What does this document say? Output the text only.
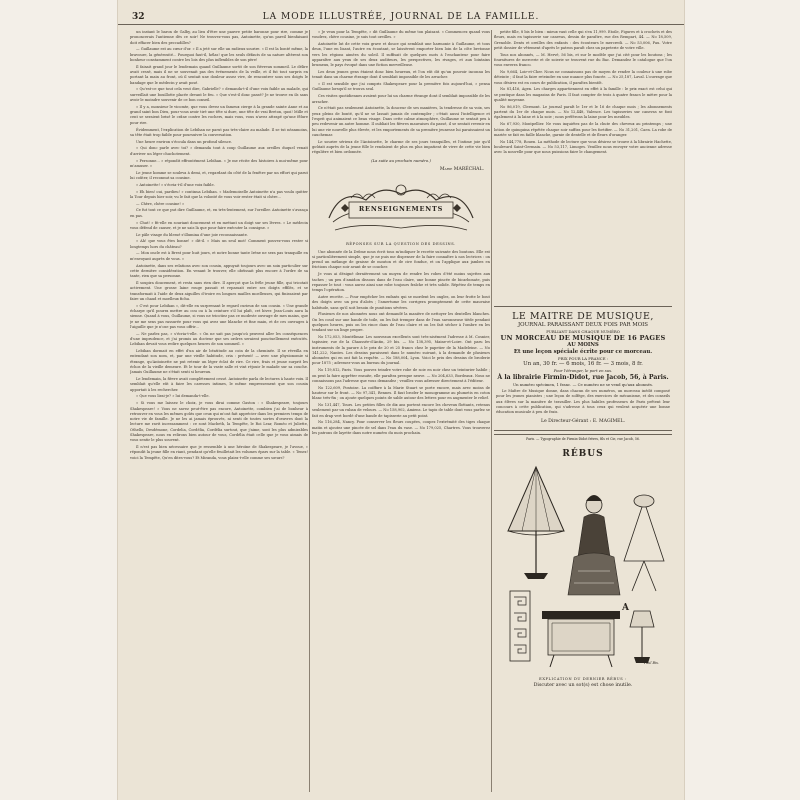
32	LA MODE ILLUSTRÉE, JOURNAL DE LA FAMILLE.

un instant le baron de Galby, au lieu d'être une pauvre petite baronne pour rire, comme je prononcerais l'antienne dès ce soir! Ne trouvez-vous pas, Antoinette, qu'un pareil bienfaisant doit effacer bien des peccadilles?

— Guillaume est au cœur d'or. » Il a jeté sur elle un radieux sourire. « Il est la bonté même, la bravoure, la générosité... Pourquoi faut-il, hélas! que les seuls défauts de sa nature altèrent son bonheur constamment contre les lois des plus inflexibles de son père!

Il faisait grand jour le lendemain quand Guillaume sortit de son fiévreux sommeil. Le délire avait cessé, mais il ne se souvenait pas des événements de la veille, et il fut tout surpris en portant la main au front, où il sentait une douleur assez vive, de rencontrer sous ses doigts le bandage que le médecin y avait posé.

« Qu'est-ce que tout cela veut dire, Gabrielle? » demanda-t-il d'une voix faible au malade, qui surveillait une bouillotte placée devant le feu. « Que s'est-il donc passé? Je ne trouve en ils sans avoir le moindre souvenir de ce bon conseil.

« Il y a, monsieur le vicomte, que vous devez un fameux cierge à la grande sainte Anne et au grand saint bon Dieu, pour vous avoir tiré une tête si dure, une tête de vrai Breton, quoi! Mille et cent se seraient brisé le crâne contre les rochers, mais vous, vous n'avez attrapé qu'une fêlure pour rire.

Évidemment, l'explication de Lebihan ne parut pas très-claire au malade. Il se tut néanmoins, sa tête était trop faible pour poursuivre la conversation.

Une heure environ s'écoula dans un profond silence.

« Qui donc parle avec toi? » demanda tout à coup Guillaume aux oreilles duquel venait d'arriver un léger chuchotement.

« Personne... » répondit effrontément Lebihan. « Je me récite des histoires à moi-même pour m'amuser. »

Le jeune homme se souleva à demi, et, regardant du côté de la fenêtre par un effort qui parut lui coûter, il reconnut sa cousine.

« Antoinette! » s'écria-t-il d'une voix faible.

« Eh bien! oui, pardieu! » continua Lebihan. « Mademoiselle Antoinette n'a pas voulu quitter la Tour depuis hier soir, vu le fait que la volonté de vous voir rester était si chère...

— Chère, chère cousine! »

Ce fut tout ce que put dire Guillaume, et, en très-lentement, sur l'oreiller. Antoinette s'avança en pas.

« Chut! » fit-elle en souriant doucement et en mettant un doigt sur ses lèvres. « Le médecin vous défend de causer, et je ne sais là que pour faire exécuter la consigne. »

Le pâle visage du blessé s'illumina d'une joie reconnaissante.

« Ah! que vous êtes bonne! » dit-il. « Mais un seul mot! Comment pouvez-vous rester si longtemps hors du château?

— Mon oncle est à Brest pour huit jours, et notre bonne tante Irène ne sera pas tranquille en m'envoyant auprès de vous. »

Antoinette, dans ses relations avec son cousin, appuyait toujours avec un soin particulier sur cette dernière considération. En venant le trouver, elle obéissait plus encore à l'ordre de sa tante, rien que sa personne.

Il soupira doucement, et resta sans rien dire. Il aperçut que la frêle jeune fille, qui tricotait activement. Une grosse laine rouge passait et repassait entre ses doigts effilés, et se transformait à l'aide de deux aiguilles d'ivoire en longues mailles moelleuses, qui finissaient par faire un chaud et moelleux fichu.

« C'est pour Lebihan », dit-elle en surprenant le regard curieux de son cousin. « Une grande écharpe qu'il pourra mettre au cou ou à la ceinture s'il lui plaît, cet hiver. Jean-Louis aura la sienne. Quand à vous, Guillaume, si vous ne tricotiez pas ce modeste ouvrage de mes mains, que je ne me sens pas rassurée pour vous qui avez une blanche et fine main, et de ces ouvrages à l'aiguille que je n'ose pas vous offrir...

— Ne parlez pas, » s'écria-t-elle. « On ne sait pas jusqu'où peuvent aller les conséquences d'une imprudence, et j'ai promis au docteur que ses ordres seraient ponctuellement exécutés. Lebihan devait vous redire quelques heures de son sommeil. »

Lebihan dormait en effet d'un air de béatitude au coin de la cheminée. Il se réveilla en entendant son nom, et, par une vieille habitude, cria : présent! — avec une physionomie si étrange, qu'Antoinette ne put retenir un léger éclat de rire. Ce rire, frais et jeune surprit les échos de la vieille demeure. Et le tour de la vaste salle et vint réjouir le malade sur sa couche. Jamais Guillaume ne s'était senti si heureux.

Le lendemain, la fièvre avait complètement cessé. Antoinette parla de lectures à haute voix. Il semblait qu'elle eût à faire les caresses intimes, le même empressement que son cousin apportait à les rechercher.

« Que vous lirai-je? » lui demanda-t-elle.

« Si vous me laissez le choix, je vous dirai comme Gaston : « Shakespeare, toujours Shakespeare! » Vous ne savez peut-être pas encore, Antoinette, combien j'ai de bonheur à retrouver en vous les mêmes goûts que ceux qui m'ont fait apprécier dans les premiers temps de notre vie de famille. Je ne les ai jamais éprouvés, ni senti de toutes sortes d'œuvres dont la lecture me ravit incessamment : ce sont Macbeth, la Tempête, le Roi Lear, Roméo et Juliette, Othello, Desdémone, Cordelia, Cordélia, Cordélia surtout, que j'aime, sont les plus admirables Shakespeare, nous en relirons bien autour de vous, Cordélia était celle que je vous aimais de vous sentir le plus souvent.

Il n'est pas bien nécessaire que je ressemble à une héroïne de Shakespeare, je l'avoue, » répondit la jeune fille en riant, pendant qu'elle feuilletait les volumes épars sur la table. « Tenez! voici la Tempête, Qu'en dites-vous? Et Miranda, vous plaira-t-elle comme ses sœurs?

« Je veux pour la Tempête, » dit Guillaume du même ton plaisant. « Commencez quand vous voudrez, chère cousine, je suis tout oreilles. »

Antoinette lut de cette voix grave et douce qui semblait une harmonie à Guillaume, et tous deux, l'une en lisant, l'autre en écoutant, se laissèrent emporter bien loin de la côte bretonne vers les régions aimées du soleil. Il suffisait de quelques mots à l'enchanteur pour faire apparaître aux yeux de ses deux auditeurs, les perspectives, les rivages, et aux lointains brumeux, le pays évoqué dans une fiction merveilleuse.

Les deux jeunes gens étaient donc bien heureux, et l'on eût dit qu'un pouvoir inconnu les tenait dans un charme étrange dont il semblait impossible de les arracher.

« Il est sensible que j'ai compris Shakespeare pour la première fois aujourd'hui, » pensa Guillaume lorsqu'il se trouva seul.

Ces visites quotidiennes avaient pour lui un charme étrange dont il semblait impossible de les arracher.

Ce n'était pas seulement Antoinette, la douceur de ses manières, la tendresse de sa voix, ses yeux pleins de bonté, qu'il ne se lassait jamais de contempler ; c'était aussi l'intelligence et l'esprit qui animaient ce beau visage. Dans cette calme atmosphère, Guillaume se sentait peu à peu redevenir un autre homme. Il oubliait les fièvres mauvaises du passé, il se sentait revenir en lui une vie nouvelle plus élevée, et les emportements de sa première jeunesse lui paraissaient un cauchemar.

Le sourire sérieux de l'Antoinette, le charme de ses jours tranquilles, et l'intime joie qu'il goûtait auprès de la jeune fille le rendaient de plus en plus impatient de vivre de cette vie bien régulière et bien ordonnée.

(La suite au prochain numéro.)
Marie MARÉCHAL.
RENSEIGNEMENTS
RÉPONSES SUR LA QUESTION DES DESSINS.

Une abonnée de la Drôme nous écrit tous m'indiquer le recette suivante des boutons. Elle est si particulièrement simple, que je ne puis me dispenser de la faire connaître à nos lectrices : on prend un mélange de graisse de mouton et de cire fondue, et on l'applique aux jambes en frictions chaque soir avant de se coucher.

Je vous ai désigné dernièrement un moyen de rendre les robes d'été moins sujettes aux taches ; un peu d'amidon dissous dans de l'eau claire, une bonne pincée de bicarbonate, puis repasser le tout : vous aurez ainsi une robe toujours fraîche et très solide. Répétez de temps en temps l'opération.

Autre recette. — Pour empêcher les enfants qui se mordent les ongles, on leur frotte le bout des doigts avec un peu d'aloès ; l'amertume les corrigera promptement de cette mauvaise habitude, sans qu'il soit besoin de punitions sévères.

Plusieurs de nos abonnées nous ont demandé la manière de nettoyer les dentelles blanches. On les coud sur une bande de toile, on les fait tremper dans de l'eau savonneuse tiède pendant quelques heures, puis on les rince dans de l'eau claire et on les fait sécher à l'ombre en les tendant sur un linge propre.

No 172,053, Montélimar. Les nouveaux excellents sont très-aisément l'adresse à M. Cosnier, tapissier, rue de la Chaussée-d'Antin, 29 bis. — No 138,395, Maine-et-Loire. Ont paru les instruments de la parure à le prix de 20 et 25 francs chez le papetier de la Madeleine. — No 141,222, Nantes. Les dessins paraissent dans le numéro suivant, à la demande de plusieurs abonnées qui en ont fait la requête. — No 188,004, Lyon. Voici le prix des dessins de broderie pour 1875 ; adressez-vous au bureau du journal.

No 119,812, Paris. Vous pouvez teindre votre robe de soie en noir chez un teinturier habile ; on peut la faire apprêter ensuite, elle paraîtra presque neuve. — No 204,633, Bordeaux. Nous ne connaissons pas l'adresse que vous demandez ; veuillez vous adresser directement à l'éditeur.

No 122,609, Pontoise. La coiffure à la Marie Stuart se porte encore, mais avec moins de hauteur sur le front. — No 97,341, Rennes. Il faut broder le monogramme au plumetis en coton blanc très-fin ; on ajoute quelques points de sable autour des lettres pour en augmenter le relief.

No 131,447, Tours. Les petites filles de dix ans portent encore les cheveux flottants, retenus seulement par un ruban de velours. — No 158,902, Amiens. Le tapis de table dont vous parlez se fait en drap vert bordé d'une bande de tapisserie au petit point.

No 116,284, Nancy. Pour conserver les fleurs coupées, coupez l'extrémité des tiges chaque matin et ajoutez une pincée de sel dans l'eau du vase. — No 179,025, Chartres. Vous trouverez les patrons de layette dans notre numéro du mois prochain.

petite fille, 8 bis le bien : mieux vaut celle qui s'en 11,999. Étoile, Figures et à crochets et des fleurs, mais en tapisserie sur canevas, dessin de paraître, rue des Rempart, 44. — No 18,509, Grenoble. Dents et oreilles des enfants : des écouteurs le mercredi. — No 53,006, Pau. Votre petit dossier de vêtement d'après le patron paraît chez un papeterie de votre ville.

Tous nos abonnés, — M. Hervé, 56 bis, et sur le modèle que j'ai cité pour les boutons ; les fournitures de mercerie et de soierie se trouvent rue du Bac. Demandez le catalogue que l'on vous enverra franco.

No 9,664, Loir-et-Cher. Nous ne connaissons pas de moyen de rendre la couleur à une robe déteinte ; il faut la faire reteindre en une nuance plus foncée. — No 25,187, Laval. L'ouvrage que vous désirez est en cours de publication, il paraîtra bientôt.

No 81,416, Agen. Les charges appartiennent en effet à la famille : le prix exact est celui qui se pratique dans les magasins de Paris. Il faut compter de trois à quatre francs le mètre pour la qualité moyenne.

No 86,019, Clermont. Le journal paraît le 1er et le 16 de chaque mois ; les abonnements partent du 1er de chaque mois. — No 12,448, Valence. Les tapisseries sur canevas se font également à la laine et à la soie ; nous préférons la laine pour les meubles.

No 67,930, Montpellier. Ne vous inquiétez pas de la chute des cheveux au printemps ; une lotion de quinquina répétée chaque soir suffira pour les fortifier. — No 31,201, Caen. La robe de mariée se fait en faille blanche, garnie de dentelle et de fleurs d'oranger.

No 144,778, Rouen. La méthode de lecture que vous désirez se trouve à la librairie Hachette, boulevard Saint-Germain. — No 53,117, Limoges. Veuillez nous envoyer votre ancienne adresse avec la nouvelle pour que nous puissions faire le changement.

LE MAITRE DE MUSIQUE,
JOURNAL PARAISSANT DEUX FOIS PAR MOIS
PUBLIANT DANS CHAQUE NUMÉRO
UN MORCEAU DE MUSIQUE DE 16 PAGES
AU MOINS
Et une leçon spéciale écrite pour ce morceau.
PRIX POUR LA FRANCE :
Un an, 30 fr. — 6 mois, 16 fr. — 3 mois, 8 fr.
Pour l'étranger, le port en sus.
À la librairie Firmin-Didot, rue Jacob, 56, à Paris.
Un numéro spécimen, 1 franc. — Ce numéro ne se vend qu'aux abonnés.

Le Maître de Musique donne, dans chacun de ses numéros, un morceau inédit composé pour les jeunes pianistes ; une leçon de solfège, des exercices de mécanisme, et des conseils aux élèves sur la manière de travailler. Les plus habiles professeurs de Paris prêtent leur concours à cette publication, qui s'adresse à tous ceux qui veulent acquérir une bonne éducation musicale à peu de frais.

Le Directeur-Gérant : E. MAGIMEL.
Paris. — Typographie de Firmin-Didot frères, fils et Cie, rue Jacob, 56.
RÉBUS
A
Paul Bis.
EXPLICATION DU DERNIER RÉBUS :
Discuter avec un sot(s) est chose inutile.
